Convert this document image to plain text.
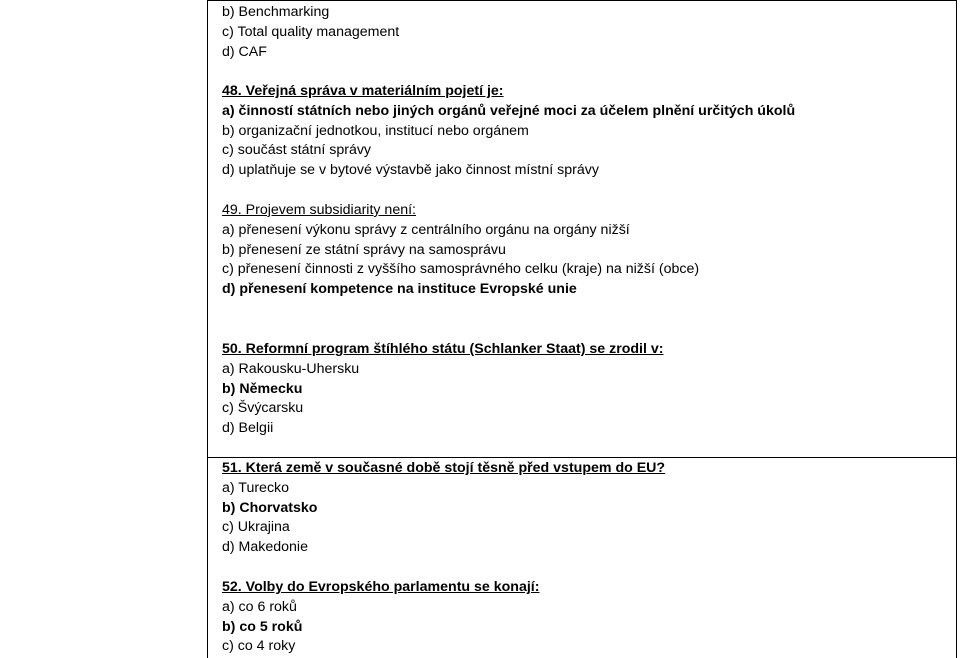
b) Benchmarking
c) Total quality management
d) CAF
48. Veřejná správa v materiálním pojetí je:
a) činností státních nebo jiných orgánů veřejné moci za účelem plnění určitých úkolů
b) organizační jednotkou, institucí nebo orgánem
c) součást státní správy
d) uplatňuje se v bytové výstavbě jako činnost místní správy
49. Projevem subsidiarity není:
a) přenesení výkonu správy z centrálního orgánu na orgány nižší
b) přenesení ze státní správy na samosprávu
c) přenesení činnosti z vyššího samosprávného celku (kraje) na nižší (obce)
d) přenesení kompetence na instituce Evropské unie
50. Reformní program štíhlého státu (Schlanker Staat) se zrodil v:
a) Rakousku-Uhersku
b) Německu
c) Švýcarsku
d) Belgii
51. Která země v současné době stojí těsně před vstupem do EU?
a) Turecko
b) Chorvatsko
c) Ukrajina
d) Makedonie
52. Volby do Evropského parlamentu se konají:
a) co 6 roků
b) co 5 roků
c) co 4 roky
